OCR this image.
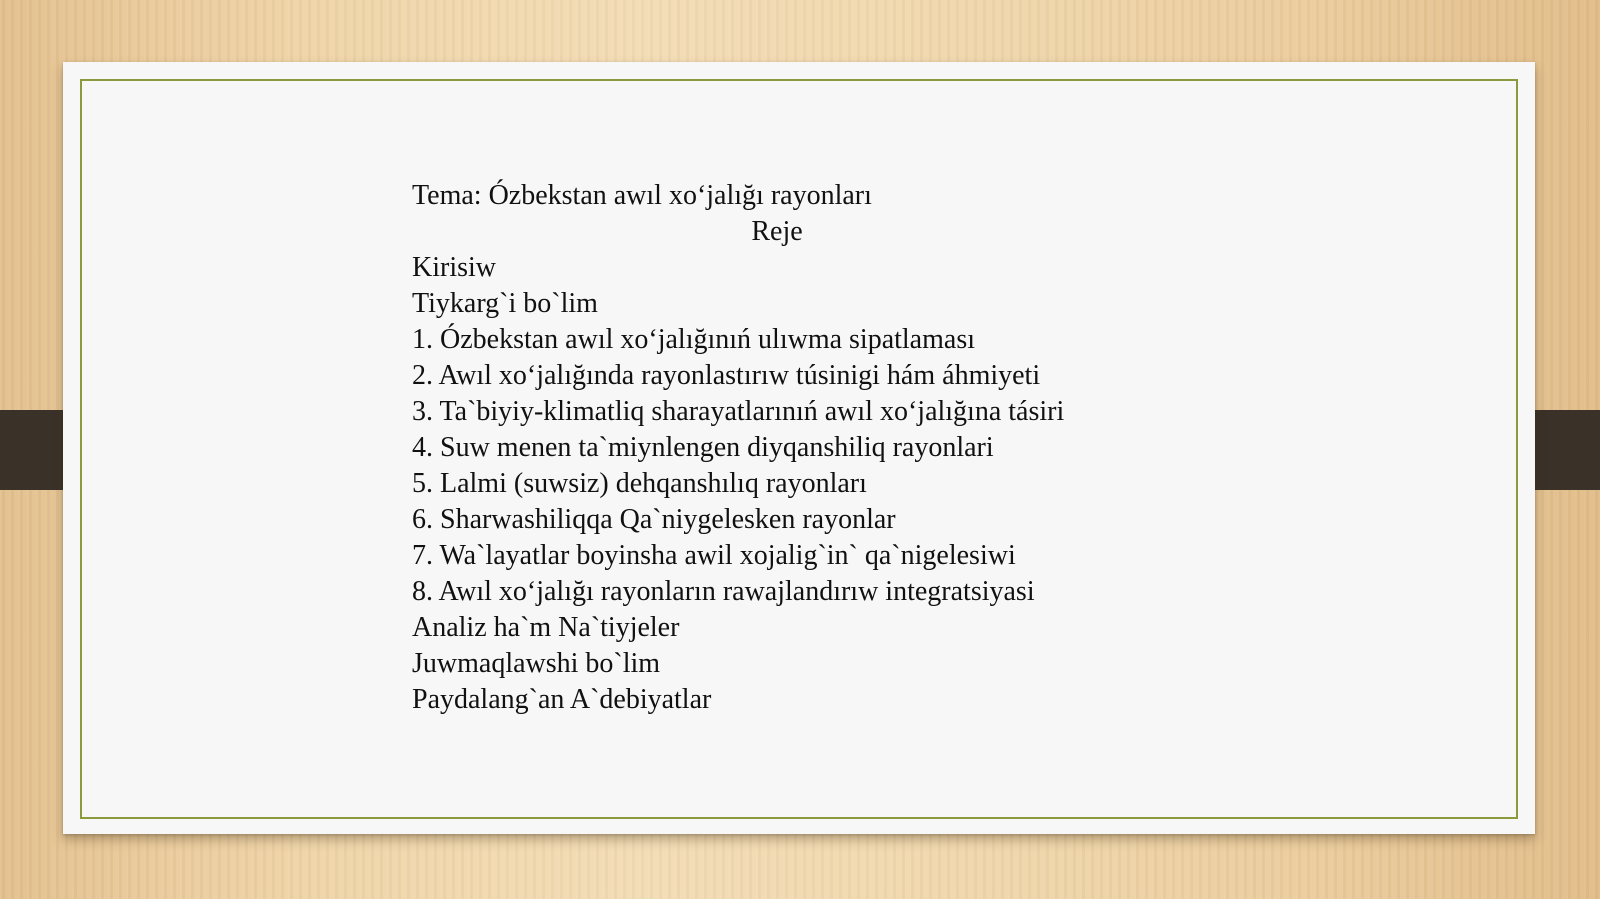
Tema: Ózbekstan awıl xo‘jalığı rayonları
Reje
Kirisiw
Tiykarg`i bo`lim
1. Ózbekstan awıl xo‘jalığınıń ulıwma sipatlaması
2. Awıl xo‘jalığında rayonlastırıw túsinigi hám áhmiyeti
3. Ta`biyiy-klimatliq sharayatlarınıń awıl xo‘jalığına tásiri
4. Suw menen ta`miynlengen diyqanshiliq rayonlari
5. Lalmi (suwsiz) dehqanshılıq rayonları
6. Sharwashiliqqa Qa`niygelesken rayonlar
7. Wa`layatlar boyinsha awil xojalig`in` qa`nigelesiwi
8. Awıl xo‘jalığı rayonların rawajlandırıw integratsiyasi
Analiz ha`m Na`tiyjeler
Juwmaqlawshi bo`lim
Paydalang`an A`debiyatlar
